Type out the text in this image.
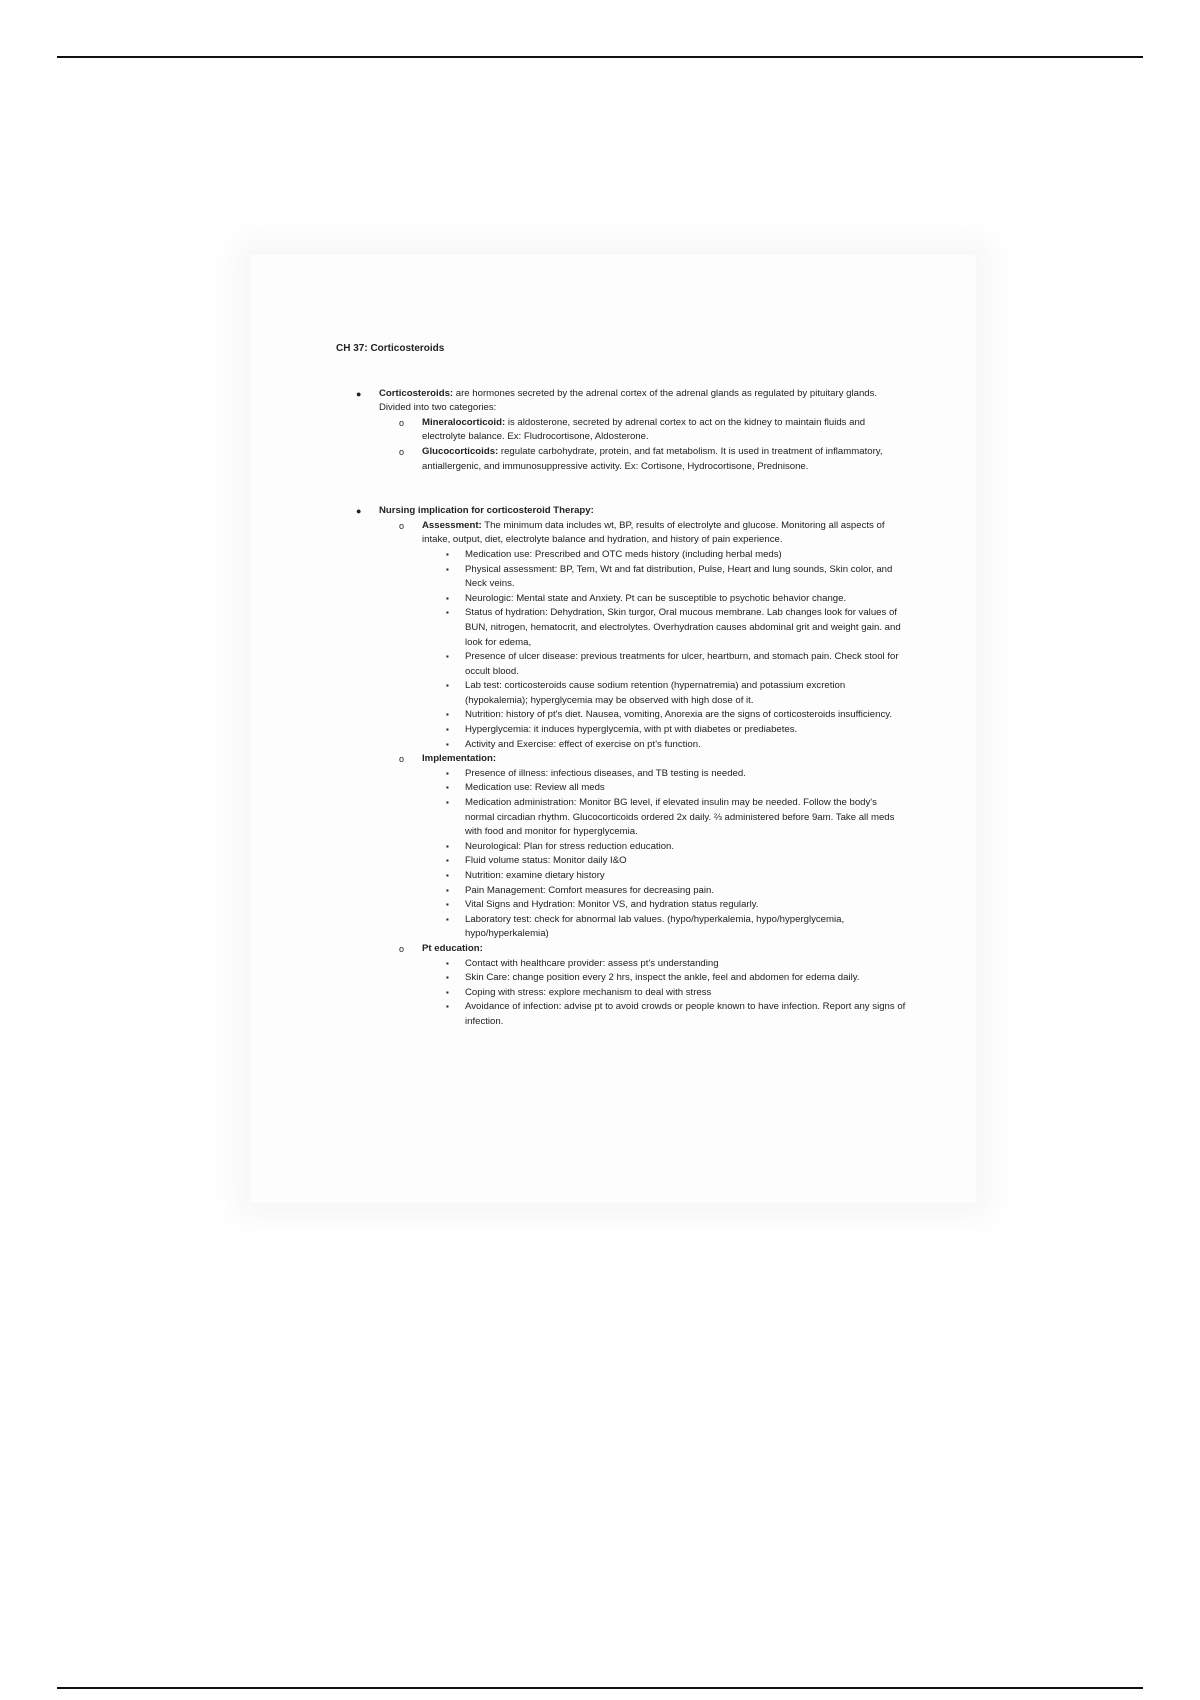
CH 37: Corticosteroids
● Corticosteroids: are hormones secreted by the adrenal cortex of the adrenal glands as regulated by pituitary glands. Divided into two categories:
o Mineralocorticoid: is aldosterone, secreted by adrenal cortex to act on the kidney to maintain fluids and electrolyte balance. Ex: Fludrocortisone, Aldosterone.
o Glucocorticoids: regulate carbohydrate, protein, and fat metabolism. It is used in treatment of inflammatory, antiallergenic, and immunosuppressive activity. Ex: Cortisone, Hydrocortisone, Prednisone.
● Nursing implication for corticosteroid Therapy:
o Assessment: The minimum data includes wt, BP, results of electrolyte and glucose. Monitoring all aspects of intake, output, diet, electrolyte balance and hydration, and history of pain experience.
▪ Medication use: Prescribed and OTC meds history (including herbal meds)
▪ Physical assessment: BP, Tem, Wt and fat distribution, Pulse, Heart and lung sounds, Skin color, and Neck veins.
▪ Neurologic: Mental state and Anxiety. Pt can be susceptible to psychotic behavior change.
▪ Status of hydration: Dehydration, Skin turgor, Oral mucous membrane. Lab changes look for values of BUN, nitrogen, hematocrit, and electrolytes. Overhydration causes abdominal grit and weight gain. and look for edema,
▪ Presence of ulcer disease: previous treatments for ulcer, heartburn, and stomach pain. Check stool for occult blood.
▪ Lab test: corticosteroids cause sodium retention (hypernatremia) and potassium excretion (hypokalemia); hyperglycemia may be observed with high dose of it.
▪ Nutrition: history of pt's diet. Nausea, vomiting, Anorexia are the signs of corticosteroids insufficiency.
▪ Hyperglycemia: it induces hyperglycemia, with pt with diabetes or prediabetes.
▪ Activity and Exercise: effect of exercise on pt's function.
o Implementation:
▪ Presence of illness: infectious diseases, and TB testing is needed.
▪ Medication use: Review all meds
▪ Medication administration: Monitor BG level, if elevated insulin may be needed. Follow the body's normal circadian rhythm. Glucocorticoids ordered 2x daily. ⅔ administered before 9am. Take all meds with food and monitor for hyperglycemia.
▪ Neurological: Plan for stress reduction education.
▪ Fluid volume status: Monitor daily I&O
▪ Nutrition: examine dietary history
▪ Pain Management: Comfort measures for decreasing pain.
▪ Vital Signs and Hydration: Monitor VS, and hydration status regularly.
▪ Laboratory test: check for abnormal lab values. (hypo/hyperkalemia, hypo/hyperglycemia, hypo/hyperkalemia)
o Pt education:
▪ Contact with healthcare provider: assess pt's understanding
▪ Skin Care: change position every 2 hrs, inspect the ankle, feel and abdomen for edema daily.
▪ Coping with stress: explore mechanism to deal with stress
▪ Avoidance of infection: advise pt to avoid crowds or people known to have infection. Report any signs of infection.
